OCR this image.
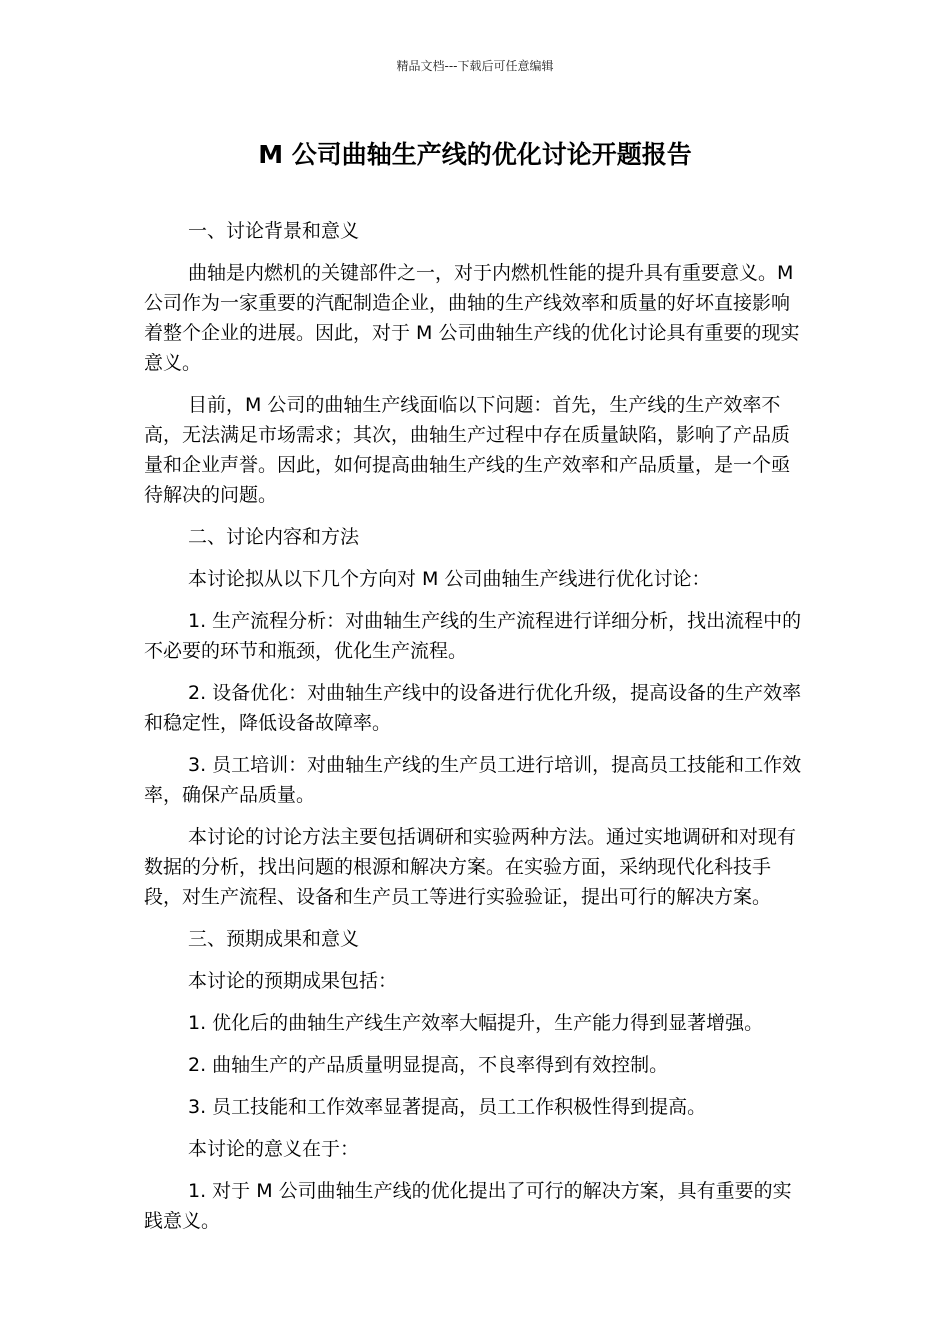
精品文档---下载后可任意编辑
M 公司曲轴生产线的优化讨论开题报告

一、讨论背景和意义

曲轴是内燃机的关键部件之一，对于内燃机性能的提升具有重要意义。M 公司作为一家重要的汽配制造企业，曲轴的生产线效率和质量的好坏直接影响着整个企业的进展。因此，对于 M 公司曲轴生产线的优化讨论具有重要的现实意义。

目前，M 公司的曲轴生产线面临以下问题：首先，生产线的生产效率不高，无法满足市场需求；其次，曲轴生产过程中存在质量缺陷，影响了产品质量和企业声誉。因此，如何提高曲轴生产线的生产效率和产品质量，是一个亟待解决的问题。

二、讨论内容和方法

本讨论拟从以下几个方向对 M 公司曲轴生产线进行优化讨论：

1. 生产流程分析：对曲轴生产线的生产流程进行详细分析，找出流程中的不必要的环节和瓶颈，优化生产流程。

2. 设备优化：对曲轴生产线中的设备进行优化升级，提高设备的生产效率和稳定性，降低设备故障率。

3. 员工培训：对曲轴生产线的生产员工进行培训，提高员工技能和工作效率，确保产品质量。

本讨论的讨论方法主要包括调研和实验两种方法。通过实地调研和对现有数据的分析，找出问题的根源和解决方案。在实验方面，采纳现代化科技手段，对生产流程、设备和生产员工等进行实验验证，提出可行的解决方案。

三、预期成果和意义

本讨论的预期成果包括：

1. 优化后的曲轴生产线生产效率大幅提升，生产能力得到显著增强。

2. 曲轴生产的产品质量明显提高，不良率得到有效控制。

3. 员工技能和工作效率显著提高，员工工作积极性得到提高。

本讨论的意义在于：

1. 对于 M 公司曲轴生产线的优化提出了可行的解决方案，具有重要的实践意义。
